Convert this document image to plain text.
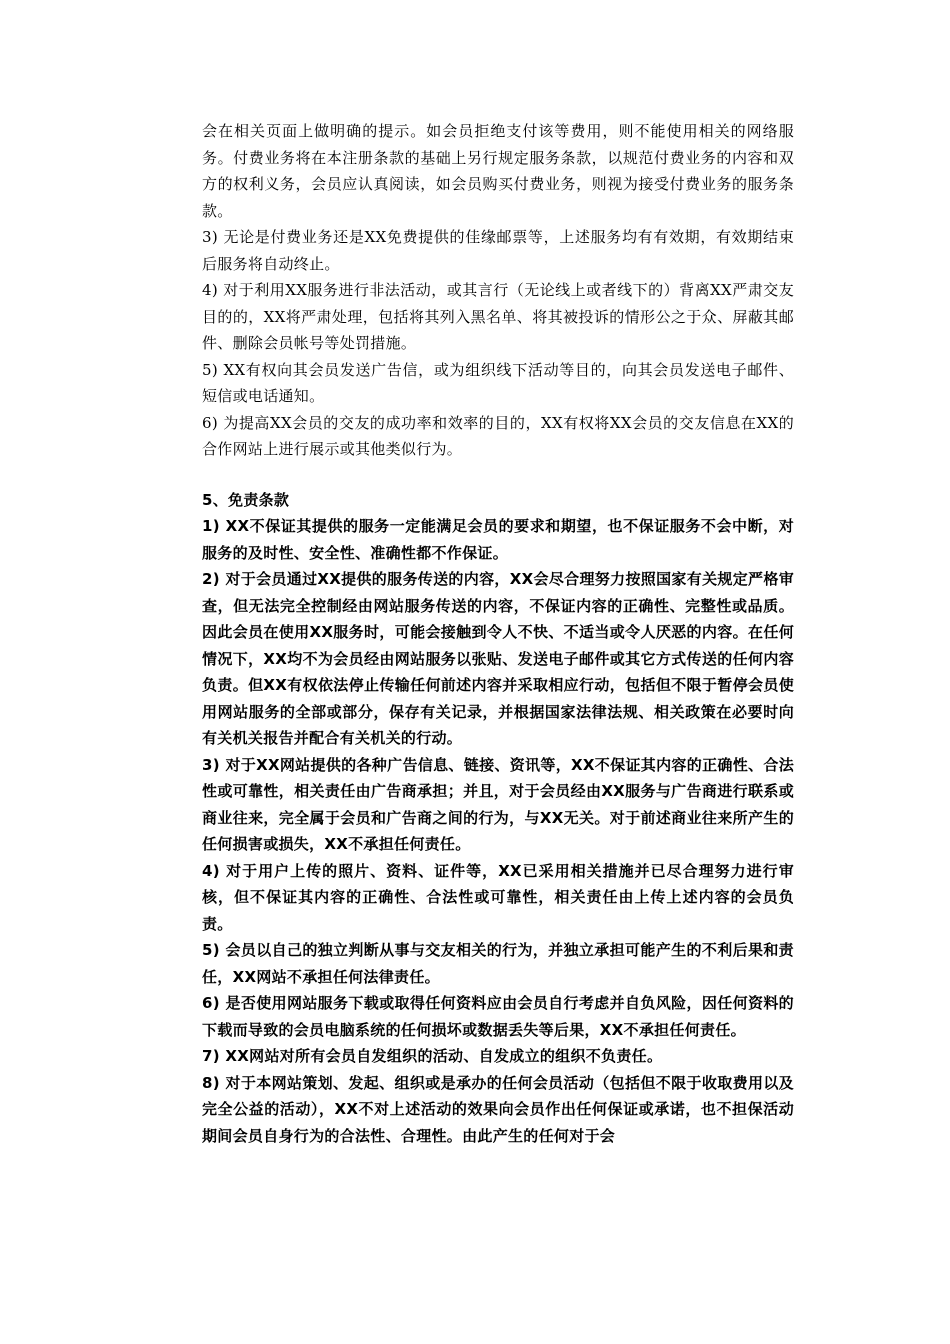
会在相关页面上做明确的提示。如会员拒绝支付该等费用，则不能使用相关的网络服务。付费业务将在本注册条款的基础上另行规定服务条款，以规范付费业务的内容和双方的权利义务，会员应认真阅读，如会员购买付费业务，则视为接受付费业务的服务条款。

3) 无论是付费业务还是XX免费提供的佳缘邮票等，上述服务均有有效期，有效期结束后服务将自动终止。

4) 对于利用XX服务进行非法活动，或其言行（无论线上或者线下的）背离XX严肃交友目的的，XX将严肃处理，包括将其列入黑名单、将其被投诉的情形公之于众、屏蔽其邮件、删除会员帐号等处罚措施。

5) XX有权向其会员发送广告信，或为组织线下活动等目的，向其会员发送电子邮件、短信或电话通知。

6) 为提高XX会员的交友的成功率和效率的目的，XX有权将XX会员的交友信息在XX的合作网站上进行展示或其他类似行为。

5、免责条款

1) XX不保证其提供的服务一定能满足会员的要求和期望，也不保证服务不会中断，对服务的及时性、安全性、准确性都不作保证。

2) 对于会员通过XX提供的服务传送的内容，XX会尽合理努力按照国家有关规定严格审查，但无法完全控制经由网站服务传送的内容，不保证内容的正确性、完整性或品质。因此会员在使用XX服务时，可能会接触到令人不快、不适当或令人厌恶的内容。在任何情况下，XX均不为会员经由网站服务以张贴、发送电子邮件或其它方式传送的任何内容负责。但XX有权依法停止传输任何前述内容并采取相应行动，包括但不限于暂停会员使用网站服务的全部或部分，保存有关记录，并根据国家法律法规、相关政策在必要时向有关机关报告并配合有关机关的行动。

3) 对于XX网站提供的各种广告信息、链接、资讯等，XX不保证其内容的正确性、合法性或可靠性，相关责任由广告商承担；并且，对于会员经由XX服务与广告商进行联系或商业往来，完全属于会员和广告商之间的行为，与XX无关。对于前述商业往来所产生的任何损害或损失，XX不承担任何责任。

4) 对于用户上传的照片、资料、证件等，XX已采用相关措施并已尽合理努力进行审核，但不保证其内容的正确性、合法性或可靠性，相关责任由上传上述内容的会员负责。

5) 会员以自己的独立判断从事与交友相关的行为，并独立承担可能产生的不利后果和责任，XX网站不承担任何法律责任。

6) 是否使用网站服务下载或取得任何资料应由会员自行考虑并自负风险，因任何资料的下载而导致的会员电脑系统的任何损坏或数据丢失等后果，XX不承担任何责任。

7) XX网站对所有会员自发组织的活动、自发成立的组织不负责任。

8) 对于本网站策划、发起、组织或是承办的任何会员活动（包括但不限于收取费用以及完全公益的活动），XX不对上述活动的效果向会员作出任何保证或承诺，也不担保活动期间会员自身行为的合法性、合理性。由此产生的任何对于会
